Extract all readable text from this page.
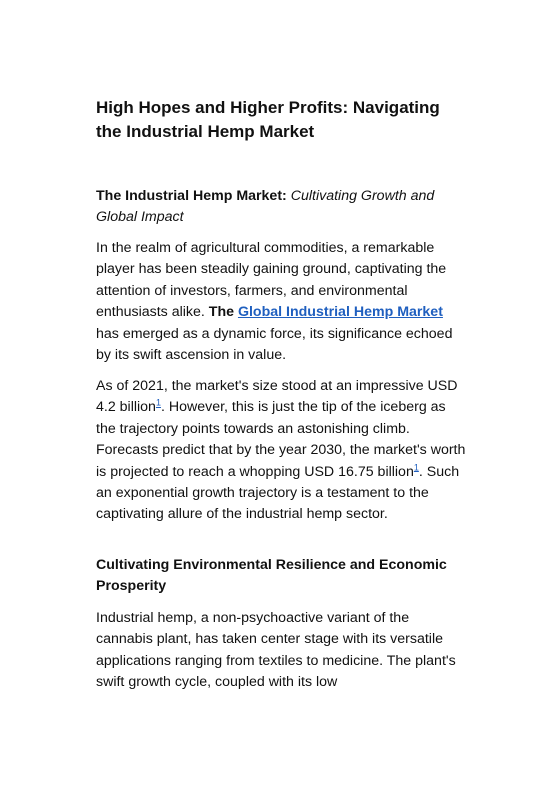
High Hopes and Higher Profits: Navigating the Industrial Hemp Market

The Industrial Hemp Market: Cultivating Growth and Global Impact

In the realm of agricultural commodities, a remarkable player has been steadily gaining ground, captivating the attention of investors, farmers, and environmental enthusiasts alike. The Global Industrial Hemp Market has emerged as a dynamic force, its significance echoed by its swift ascension in value.

As of 2021, the market's size stood at an impressive USD 4.2 billion$^1$. However, this is just the tip of the iceberg as the trajectory points towards an astonishing climb. Forecasts predict that by the year 2030, the market's worth is projected to reach a whopping USD 16.75 billion$^1$. Such an exponential growth trajectory is a testament to the captivating allure of the industrial hemp sector.

Cultivating Environmental Resilience and Economic Prosperity

Industrial hemp, a non-psychoactive variant of the cannabis plant, has taken center stage with its versatile applications ranging from textiles to medicine. The plant's swift growth cycle, coupled with its low
